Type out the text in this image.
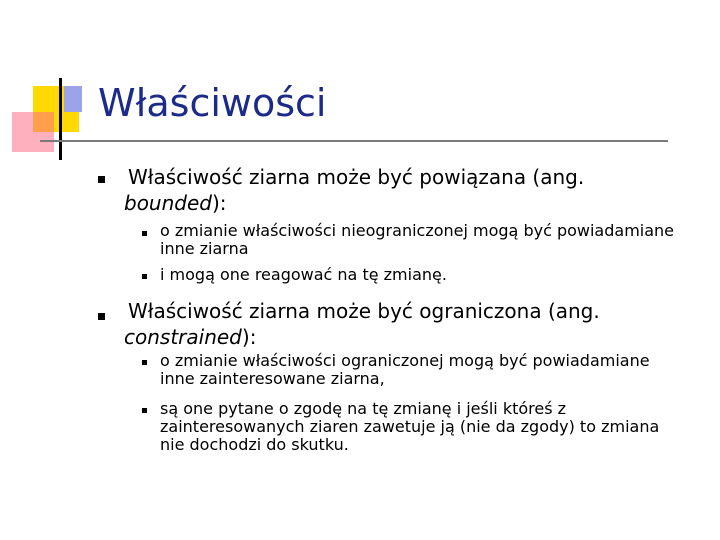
Właściwości
Właściwość ziarna może być powiązana (ang.
bounded):
o zmianie właściwości nieograniczonej mogą być powiadamiane inne ziarna
i mogą one reagować na tę zmianę.
Właściwość ziarna może być ograniczona (ang.
constrained):
o zmianie właściwości ograniczonej mogą być powiadamiane inne zainteresowane ziarna,
są one pytane o zgodę na tę zmianę i jeśli któreś z zainteresowanych ziaren zawetuje ją (nie da zgody) to zmiana nie dochodzi do skutku.
